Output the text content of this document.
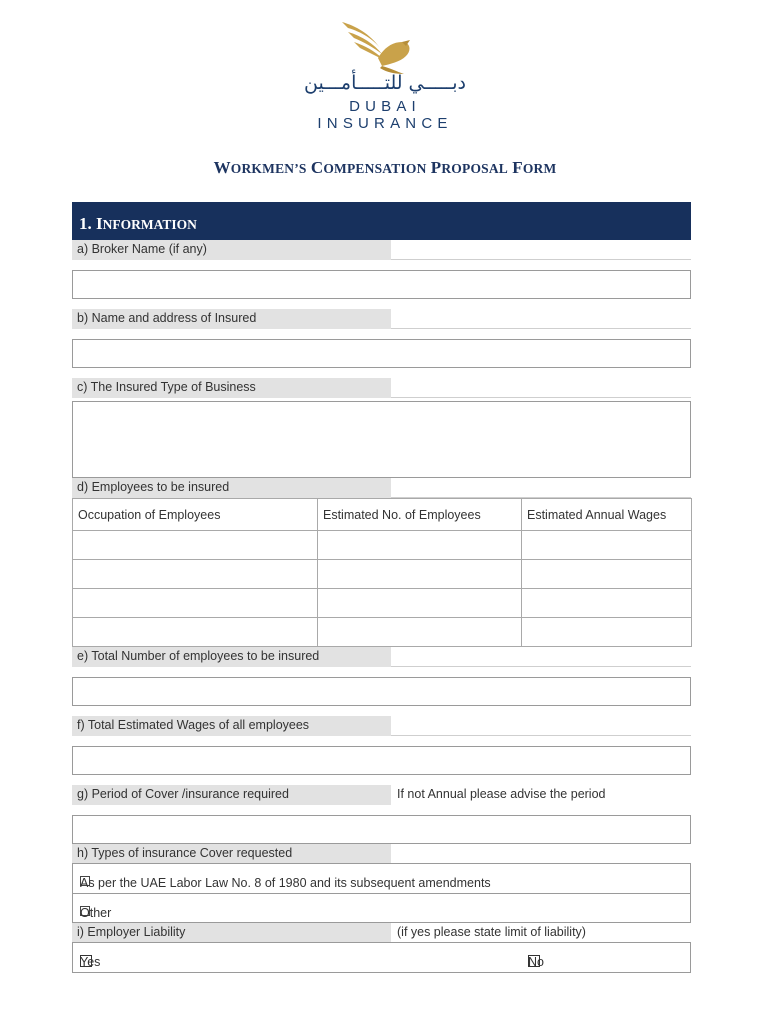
دبـــــي للتـــــأمـــين
DUBAI INSURANCE
WORKMEN’S COMPENSATION PROPOSAL FORM
1. INFORMATION
a) Broker Name (if any)
b) Name and address of Insured
c) The Insured Type of Business
d) Employees to be insured
Occupation of Employees	Estimated No. of Employees	Estimated Annual Wages

e) Total Number of employees to be insured
f) Total Estimated Wages of all employees
g) Period of Cover /insurance required	If not Annual please advise the period
h) Types of insurance Cover requested
As per the UAE Labor Law No. 8 of 1980 and its subsequent amendments
Other
i) Employer Liability	(if yes please state limit of liability)
Yes	No
